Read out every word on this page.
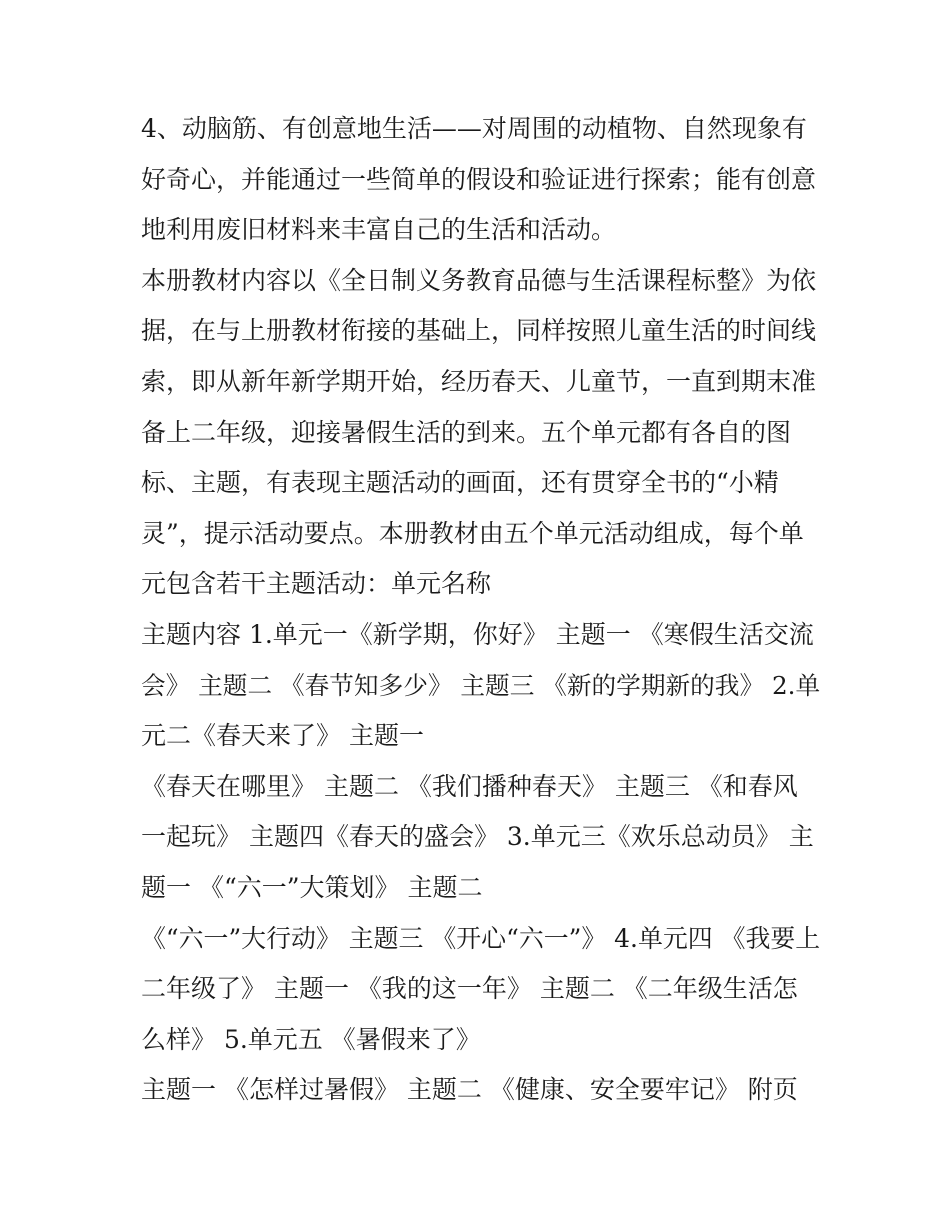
4、动脑筋、有创意地生活——对周围的动植物、自然现象有
好奇心，并能通过一些简单的假设和验证进行探索；能有创意
地利用废旧材料来丰富自己的生活和活动。
本册教材内容以《全日制义务教育品德与生活课程标整》为依
据，在与上册教材衔接的基础上，同样按照儿童生活的时间线
索，即从新年新学期开始，经历春天、儿童节，一直到期末准
备上二年级，迎接暑假生活的到来。五个单元都有各自的图
标、主题，有表现主题活动的画面，还有贯穿全书的“小精
灵”，提示活动要点。本册教材由五个单元活动组成，每个单
元包含若干主题活动：单元名称
主题内容 1.单元一《新学期，你好》 主题一 《寒假生活交流
会》 主题二 《春节知多少》 主题三 《新的学期新的我》 2.单
元二《春天来了》 主题一
《春天在哪里》 主题二 《我们播种春天》 主题三 《和春风
一起玩》 主题四《春天的盛会》 3.单元三《欢乐总动员》 主
题一 《“六一”大策划》 主题二
《“六一”大行动》 主题三 《开心“六一”》 4.单元四 《我要上
二年级了》 主题一 《我的这一年》 主题二 《二年级生活怎
么样》 5.单元五 《暑假来了》
主题一 《怎样过暑假》 主题二 《健康、安全要牢记》 附页
